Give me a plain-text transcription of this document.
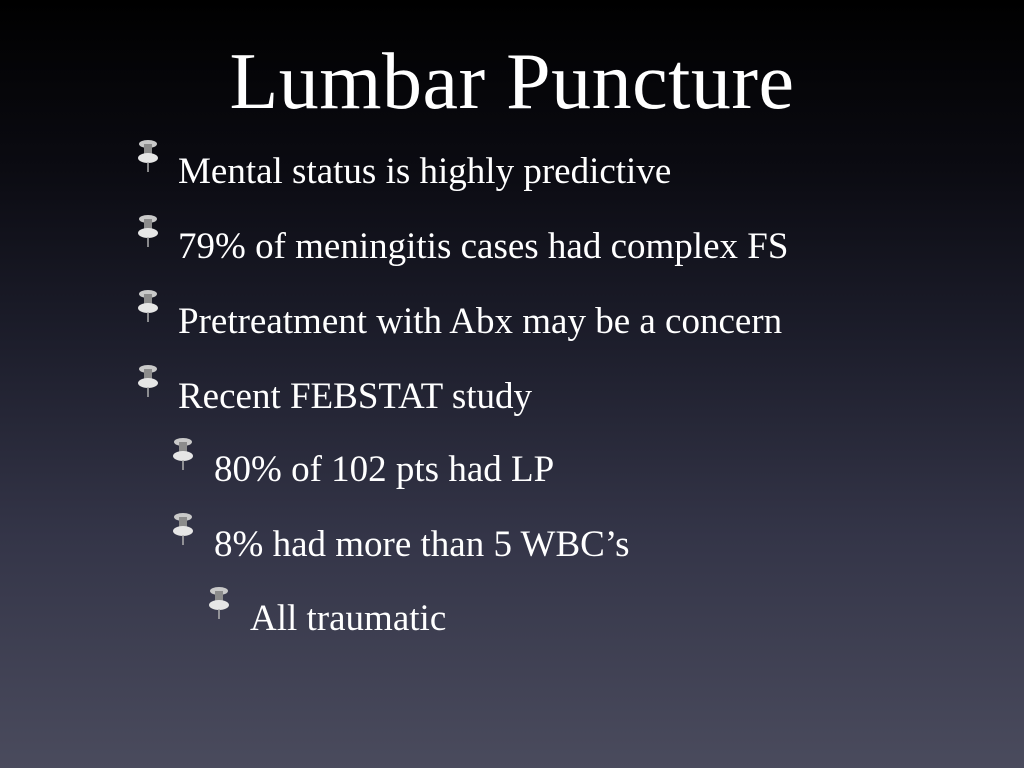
Lumbar Puncture
Mental status is highly predictive
79% of meningitis cases had complex FS
Pretreatment with Abx may be a concern
Recent FEBSTAT study
80% of 102 pts had LP
8% had more than 5 WBC’s
All traumatic
